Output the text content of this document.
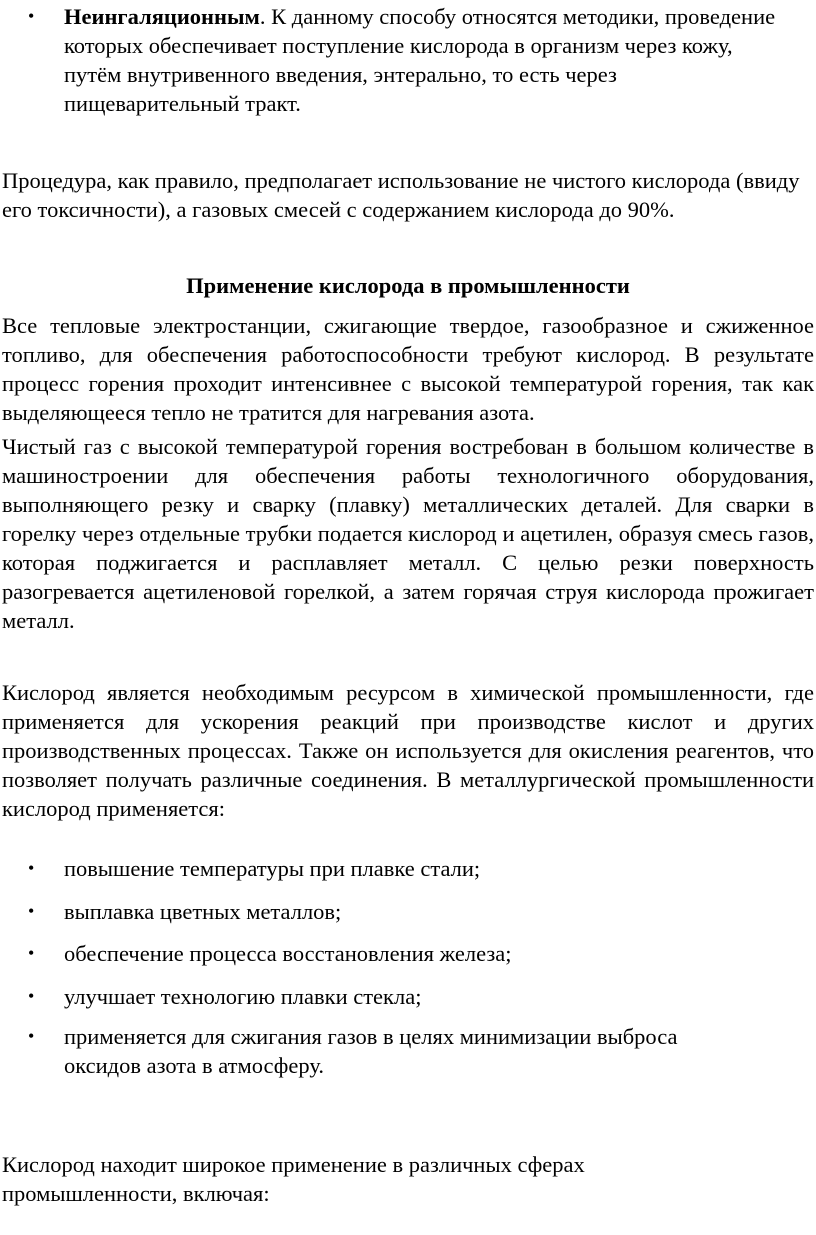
• Неингаляционным. К данному способу относятся методики, проведение которых обеспечивает поступление кислорода в организм через кожу, путём внутривенного введения, энтерально, то есть через пищеварительный тракт.

Процедура, как правило, предполагает использование не чистого кислорода (ввиду его токсичности), а газовых смесей с содержанием кислорода до 90%.

Применение кислорода в промышленности

Все тепловые электростанции, сжигающие твердое, газообразное и сжиженное топливо, для обеспечения работоспособности требуют кислород. В результате процесс горения проходит интенсивнее с высокой температурой горения, так как выделяющееся тепло не тратится для нагревания азота.

Чистый газ с высокой температурой горения востребован в большом количестве в машиностроении для обеспечения работы технологичного оборудования, выполняющего резку и сварку (плавку) металлических деталей. Для сварки в горелку через отдельные трубки подается кислород и ацетилен, образуя смесь газов, которая поджигается и расплавляет металл. С целью резки поверхность разогревается ацетиленовой горелкой, а затем горячая струя кислорода прожигает металл.

Кислород является необходимым ресурсом в химической промышленности, где применяется для ускорения реакций при производстве кислот и других производственных процессах. Также он используется для окисления реагентов, что позволяет получать различные соединения. В металлургической промышленности кислород применяется:

• повышение температуры при плавке стали;
• выплавка цветных металлов;
• обеспечение процесса восстановления железа;
• улучшает технологию плавки стекла;
• применяется для сжигания газов в целях минимизации выброса оксидов азота в атмосферу.

Кислород находит широкое применение в различных сферах промышленности, включая:
